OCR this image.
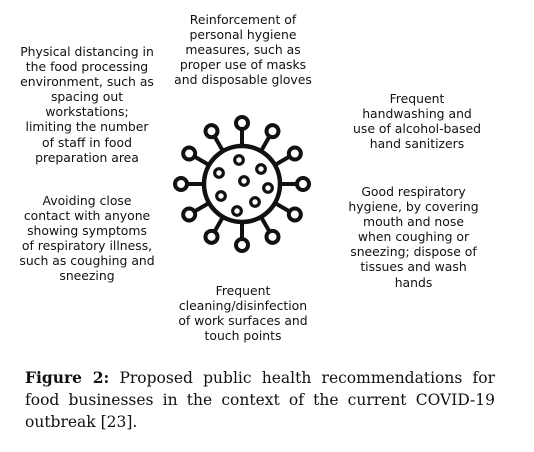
Reinforcement of
personal hygiene
measures, such as
proper use of masks
and disposable gloves

Physical distancing in
the food processing
environment, such as
spacing out
workstations;
limiting the number
of staff in food
preparation area

Frequent
handwashing and
use of alcohol-based
hand sanitizers

Avoiding close
contact with anyone
showing symptoms
of respiratory illness,
such as coughing and
sneezing

Good respiratory
hygiene, by covering
mouth and nose
when coughing or
sneezing; dispose of
tissues and wash
hands

Frequent
cleaning/disinfection
of work surfaces and
touch points

Figure 2: Proposed public health recommendations for food businesses in the context of the current COVID-19 outbreak [23].
